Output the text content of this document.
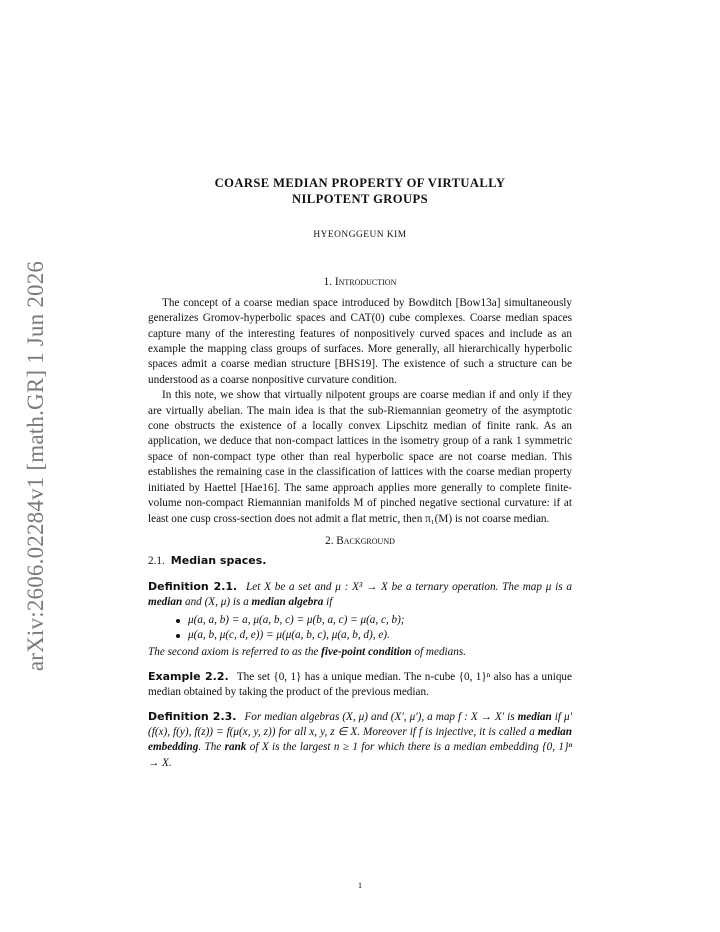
arXiv:2606.02284v1 [math.GR] 1 Jun 2026
COARSE MEDIAN PROPERTY OF VIRTUALLY
NILPOTENT GROUPS
HYEONGGEUN KIM
1. Introduction

The concept of a coarse median space introduced by Bowditch [Bow13a] simultaneously generalizes Gromov-hyperbolic spaces and CAT(0) cube complexes. Coarse median spaces capture many of the interesting features of nonpositively curved spaces and include as an example the mapping class groups of surfaces. More generally, all hierarchically hyperbolic spaces admit a coarse median structure [BHS19]. The existence of such a structure can be understood as a coarse nonpositive curvature condition.

In this note, we show that virtually nilpotent groups are coarse median if and only if they are virtually abelian. The main idea is that the sub-Riemannian geometry of the asymptotic cone obstructs the existence of a locally convex Lipschitz median of finite rank. As an application, we deduce that non-compact lattices in the isometry group of a rank 1 symmetric space of non-compact type other than real hyperbolic space are not coarse median. This establishes the remaining case in the classification of lattices with the coarse median property initiated by Haettel [Hae16]. The same approach applies more generally to complete finite-volume non-compact Riemannian manifolds M of pinched negative sectional curvature: if at least one cusp cross-section does not admit a flat metric, then π₁(M) is not coarse median.

2. Background
2.1. Median spaces.

Definition 2.1. Let X be a set and μ : X³ → X be a ternary operation. The map μ is a median and (X, μ) is a median algebra if

μ(a, a, b) = a, μ(a, b, c) = μ(b, a, c) = μ(a, c, b);
μ(a, b, μ(c, d, e)) = μ(μ(a, b, c), μ(a, b, d), e).

The second axiom is referred to as the five-point condition of medians.

Example 2.2. The set {0, 1} has a unique median. The n-cube {0, 1}ⁿ also has a unique median obtained by taking the product of the previous median.

Definition 2.3. For median algebras (X, μ) and (X′, μ′), a map f : X → X′ is median if μ′(f(x), f(y), f(z)) = f(μ(x, y, z)) for all x, y, z ∈ X. Moreover if f is injective, it is called a median embedding. The rank of X is the largest n ≥ 1 for which there is a median embedding {0, 1}ⁿ → X.

1
